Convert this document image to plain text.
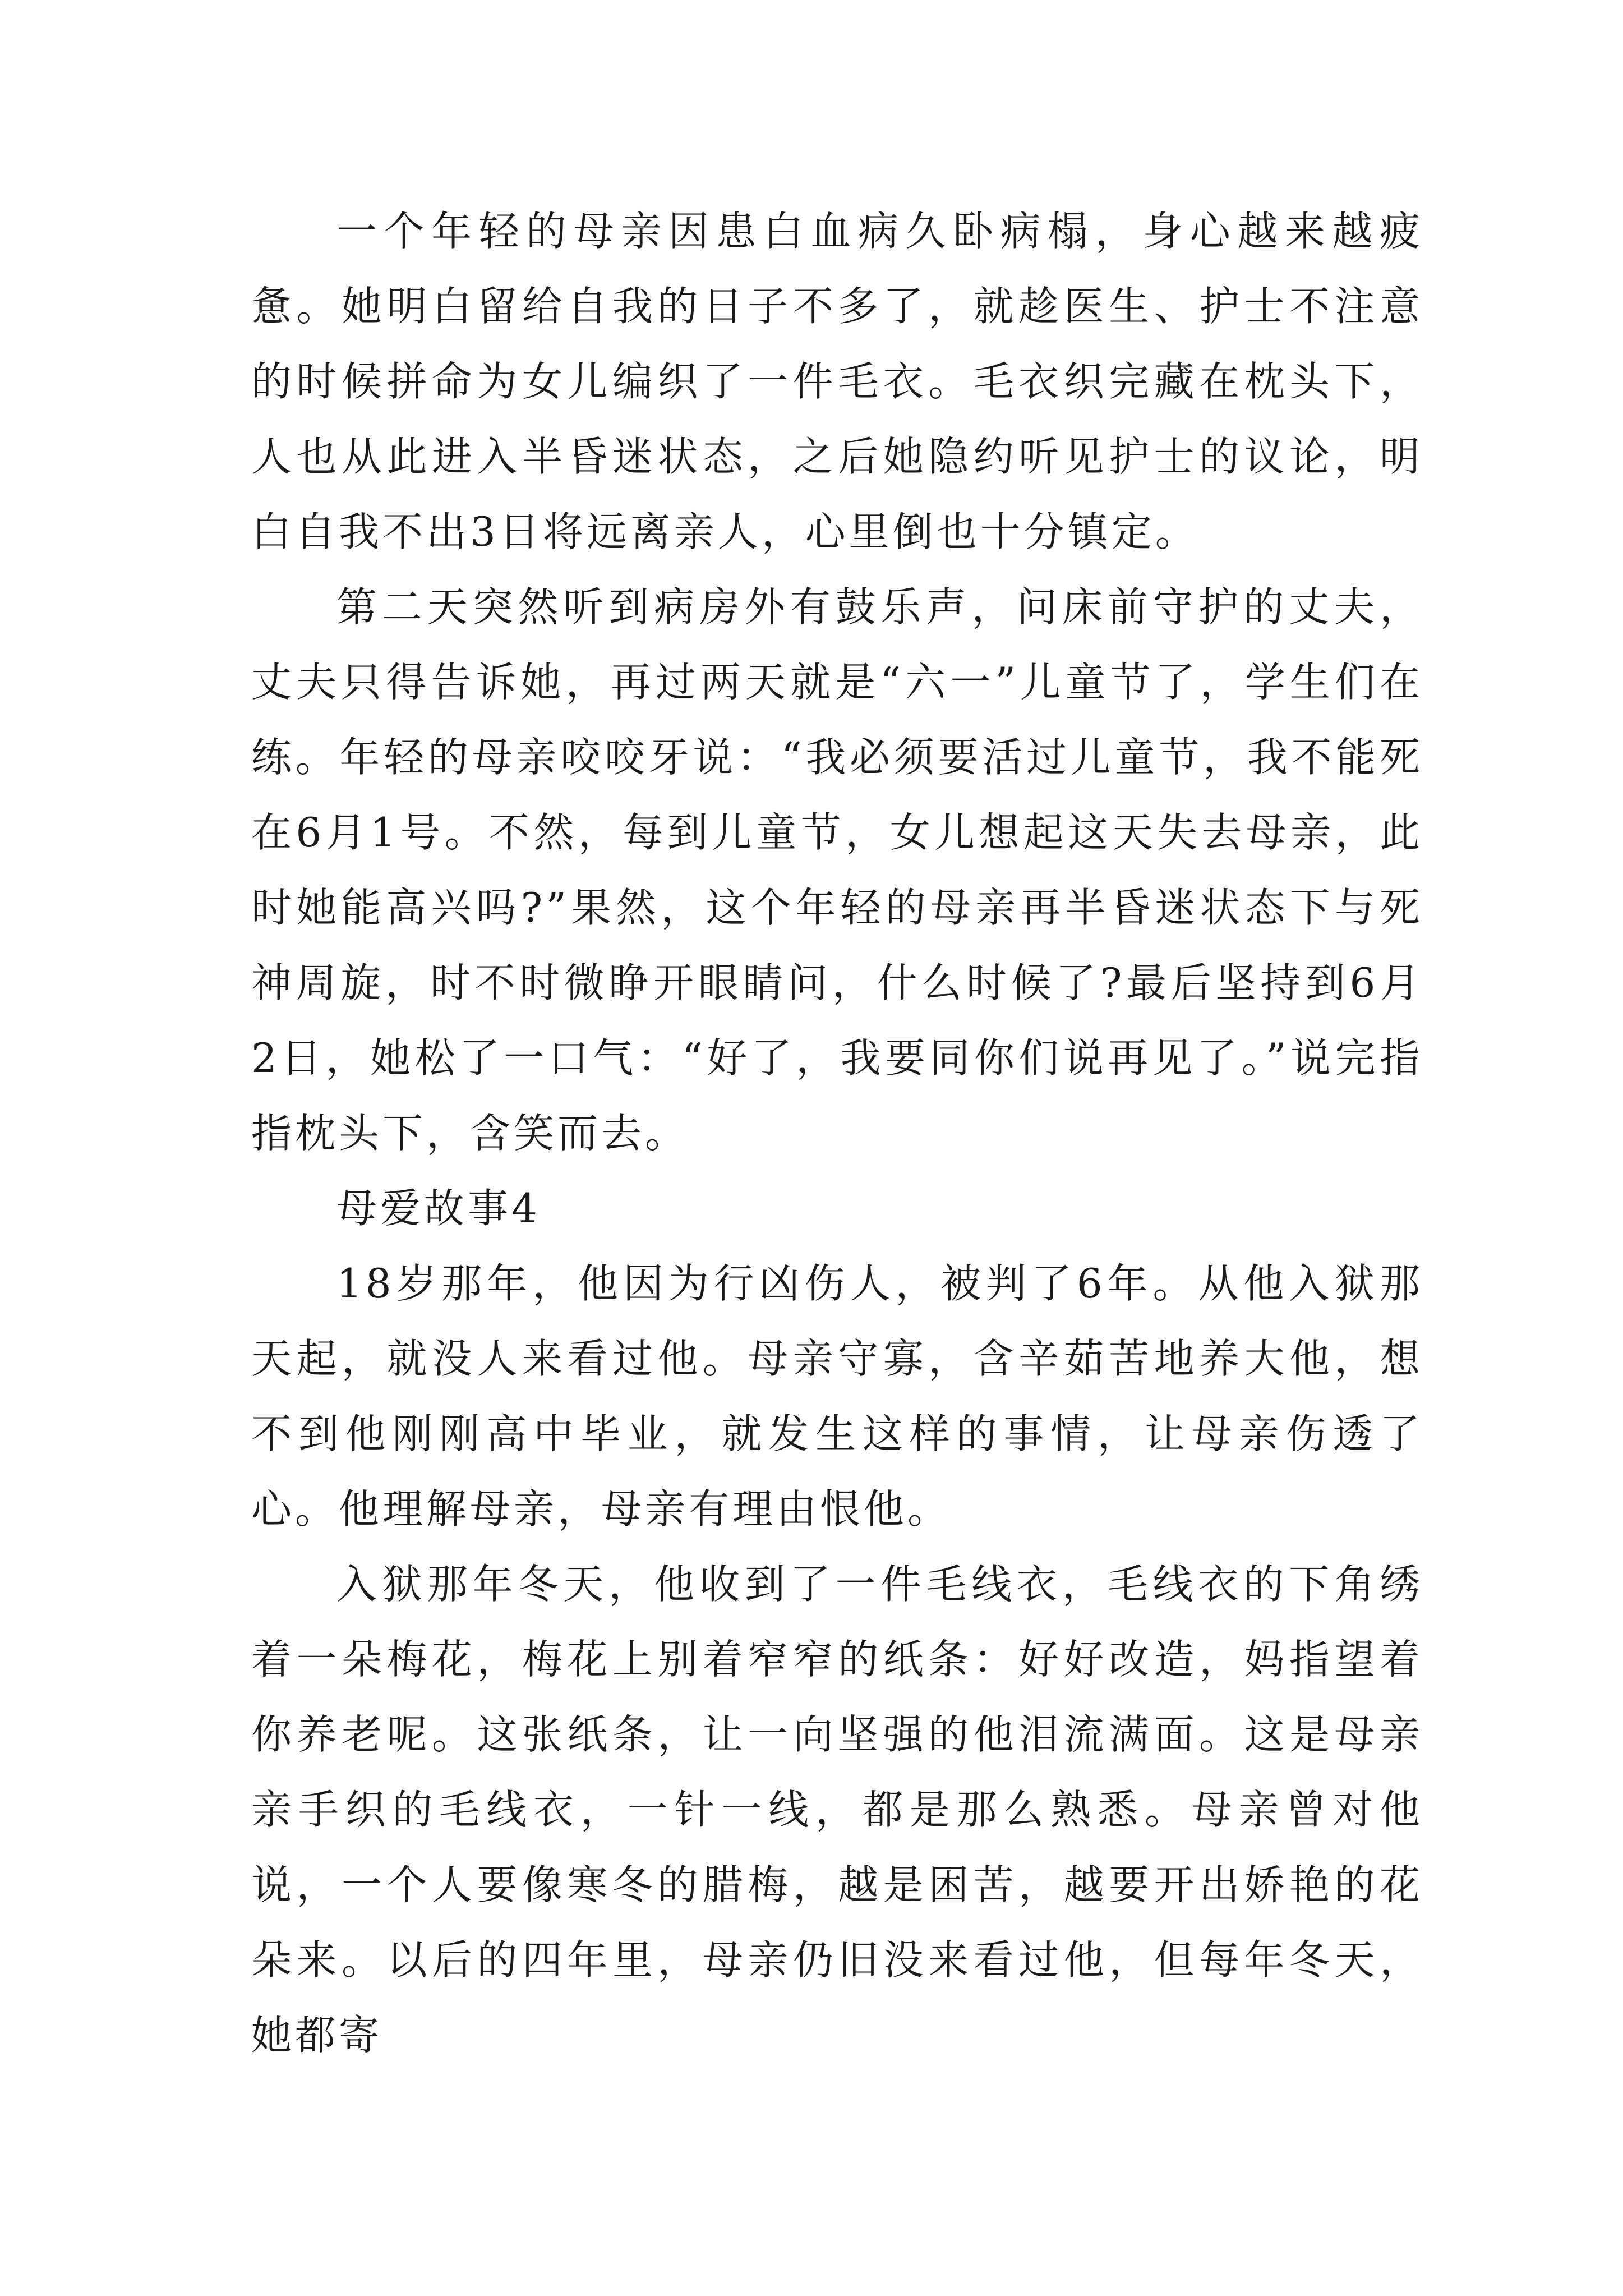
一个年轻的母亲因患白血病久卧病榻，身心越来越疲惫。她明白留给自我的日子不多了，就趁医生、护士不注意的时候拼命为女儿编织了一件毛衣。毛衣织完藏在枕头下，人也从此进入半昏迷状态，之后她隐约听见护士的议论，明白自我不出3日将远离亲人，心里倒也十分镇定。

第二天突然听到病房外有鼓乐声，问床前守护的丈夫，丈夫只得告诉她，再过两天就是“六一”儿童节了，学生们在练。年轻的母亲咬咬牙说：“我必须要活过儿童节，我不能死在6月1号。不然，每到儿童节，女儿想起这天失去母亲，此时她能高兴吗?”果然，这个年轻的母亲再半昏迷状态下与死神周旋，时不时微睁开眼睛问，什么时候了?最后坚持到6月2日，她松了一口气：“好了，我要同你们说再见了。”说完指指枕头下，含笑而去。

母爱故事4

18岁那年，他因为行凶伤人，被判了6年。从他入狱那天起，就没人来看过他。母亲守寡，含辛茹苦地养大他，想不到他刚刚高中毕业，就发生这样的事情，让母亲伤透了心。他理解母亲，母亲有理由恨他。

入狱那年冬天，他收到了一件毛线衣，毛线衣的下角绣着一朵梅花，梅花上别着窄窄的纸条：好好改造，妈指望着你养老呢。这张纸条，让一向坚强的他泪流满面。这是母亲亲手织的毛线衣，一针一线，都是那么熟悉。母亲曾对他说，一个人要像寒冬的腊梅，越是困苦，越要开出娇艳的花朵来。以后的四年里，母亲仍旧没来看过他，但每年冬天，她都寄
